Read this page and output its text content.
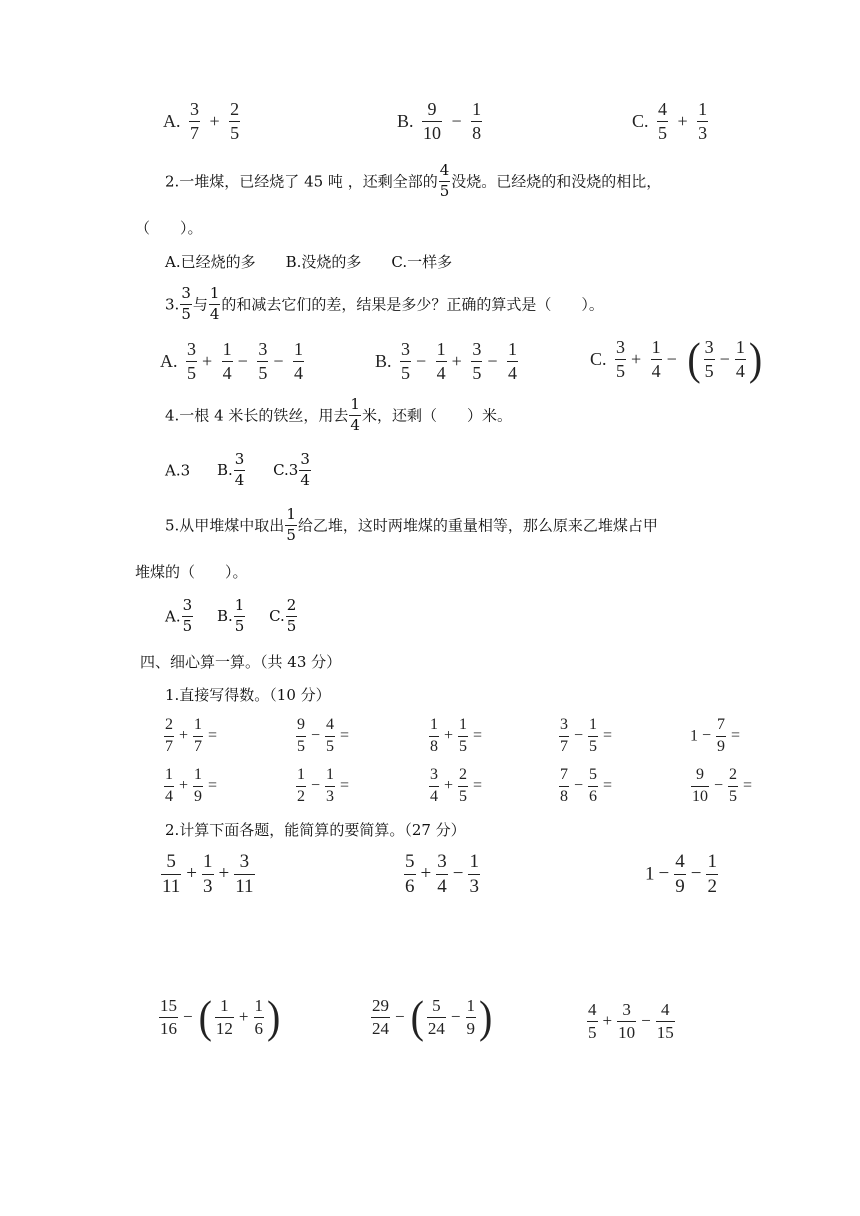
A. $\frac{3}{7} + \frac{2}{5}$	B. $\frac{9}{10} - \frac{1}{8}$	C. $\frac{4}{5} + \frac{1}{3}$
2.一堆煤，已经烧了 45 吨 ，还剩全部的 $\frac{4}{5}$ 没烧。已经烧的和没烧的相比，
（　　）。
A.已经烧的多　　B.没烧的多　　C.一样多
3. $\frac{3}{5}$ 与 $\frac{1}{4}$ 的和减去它们的差，结果是多少？正确的算式是（　　）。
A. $\frac{3}{5} + \frac{1}{4} - \frac{3}{5} - \frac{1}{4}$	B. $\frac{3}{5} - \frac{1}{4} + \frac{3}{5} - \frac{1}{4}$	C. $\frac{3}{5} + \frac{1}{4}$ − ( $\frac{3}{5} - \frac{1}{4}$ )
4.一根 4 米长的铁丝，用去 $\frac{1}{4}$ 米，还剩（　　）米。
A.3 B. $\frac{3}{4} C.3 \frac{3}{4}$
5.从甲堆煤中取出 $\frac{1}{5}$ 给乙堆，这时两堆煤的重量相等，那么原来乙堆煤占甲
堆煤的（　　）。
A. $\frac{3}{5} B$. $\frac{1}{5} C$. $\frac{2}{5}$
四、细心算一算。（共 43 分）
1.直接写得数。（10 分）
$\frac{2}{7} + \frac{1}{7}$ =	$\frac{9}{5} - \frac{4}{5}$ =	$\frac{1}{8} + \frac{1}{5}$ =	$\frac{3}{7} - \frac{1}{5}$ =	$1 - \frac{7}{9}$ =
$\frac{1}{4} + \frac{1}{9}$ =	$\frac{1}{2} - \frac{1}{3}$ =	$\frac{3}{4} + \frac{2}{5}$ =	$\frac{7}{8} - \frac{5}{6}$ =	$\frac{9}{10} - \frac{2}{5}$ =
2.计算下面各题，能简算的要简算。（27 分）
$\frac{5}{11} + \frac{1}{3} + \frac{3}{11}$	$\frac{5}{6} + \frac{3}{4} - \frac{1}{3}$	$1 - \frac{4}{9} - \frac{1}{2}$
$\frac{15}{16}$ − ( $\frac{1}{12} + \frac{1}{6}$ )	$\frac{29}{24}$ − ( $\frac{5}{24} - \frac{1}{9}$ )	$\frac{4}{5} + \frac{3}{10} - \frac{4}{15}$
